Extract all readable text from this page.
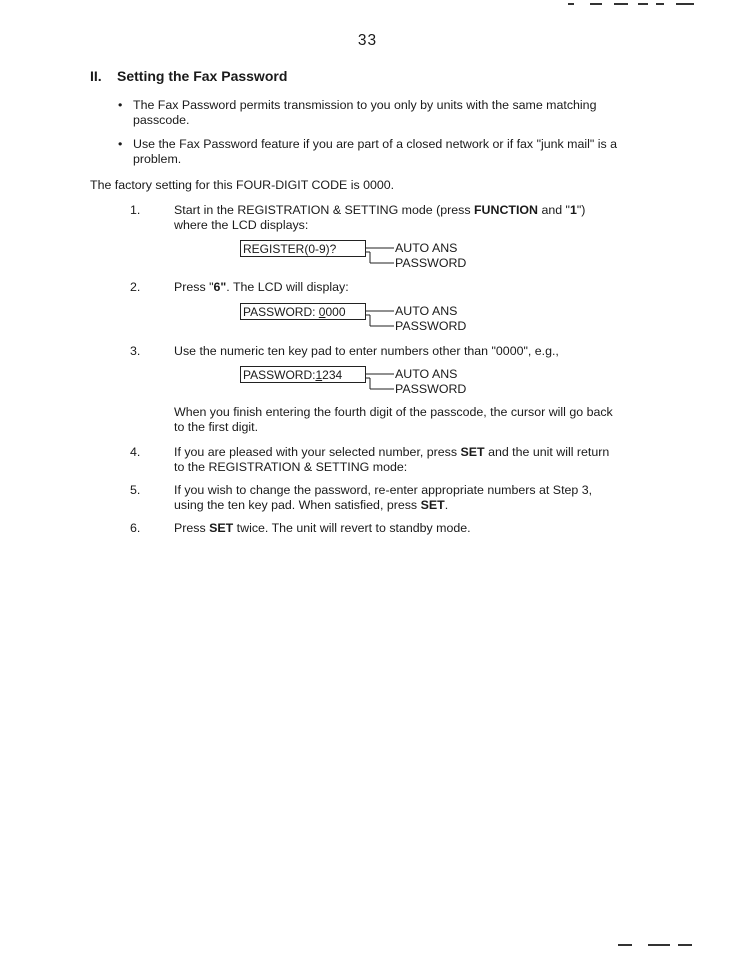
33
II. Setting the Fax Password
• The Fax Password permits transmission to you only by units with the same matching passcode.
• Use the Fax Password feature if you are part of a closed network or if fax "junk mail" is a problem.
The factory setting for this FOUR-DIGIT CODE is 0000.
1.	Start in the REGISTRATION & SETTING mode (press FUNCTION and "1")
where the LCD displays:
REGISTER(0-9)?	AUTO ANS
PASSWORD
2.	Press "6". The LCD will display:
PASSWORD: 0000	AUTO ANS
PASSWORD
3.	Use the numeric ten key pad to enter numbers other than "0000", e.g.,
PASSWORD:1234	AUTO ANS
PASSWORD
When you finish entering the fourth digit of the passcode, the cursor will go back to the first digit.
4.	If you are pleased with your selected number, press SET and the unit will return to the REGISTRATION & SETTING mode:
5.	If you wish to change the password, re-enter appropriate numbers at Step 3, using the ten key pad. When satisfied, press SET.
6.	Press SET twice. The unit will revert to standby mode.
